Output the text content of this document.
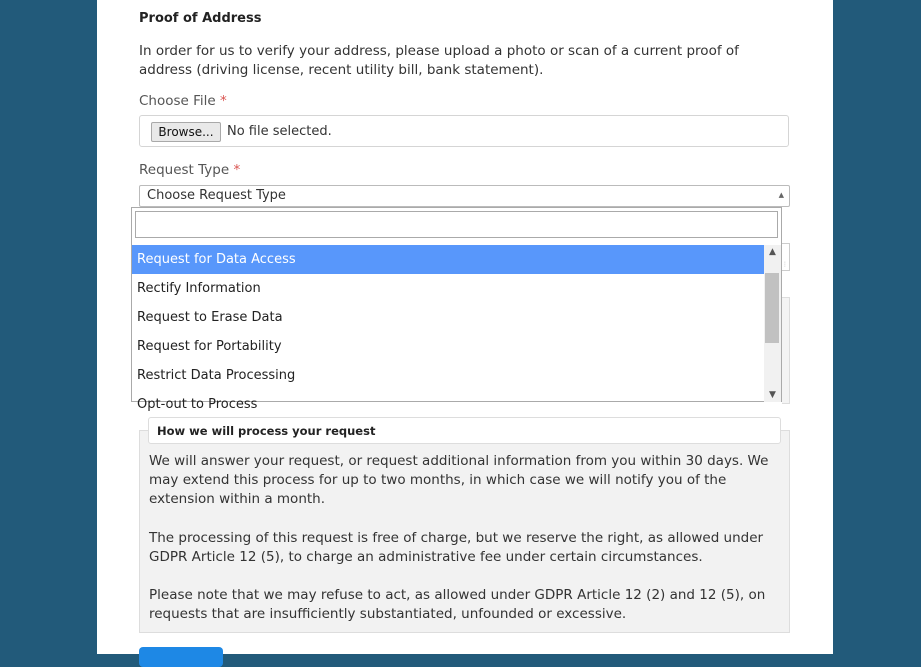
Proof of Address
In order for us to verify your address, please upload a photo or scan of a current proof of address (driving license, recent utility bill, bank statement).
Choose File *
Browse...	No file selected.
Request Type *
Choose Request Type	▲
⋮
Request for Data Access
Rectify Information
Request to Erase Data
Request for Portability
Restrict Data Processing
Opt-out to Process
▲
▼
How we will process your request
We will answer your request, or request additional information from you within 30 days. We may extend this process for up to two months, in which case we will notify you of the extension within a month.
The processing of this request is free of charge, but we reserve the right, as allowed under GDPR Article 12 (5), to charge an administrative fee under certain circumstances.
Please note that we may refuse to act, as allowed under GDPR Article 12 (2) and 12 (5), on requests that are insufficiently substantiated, unfounded or excessive.
